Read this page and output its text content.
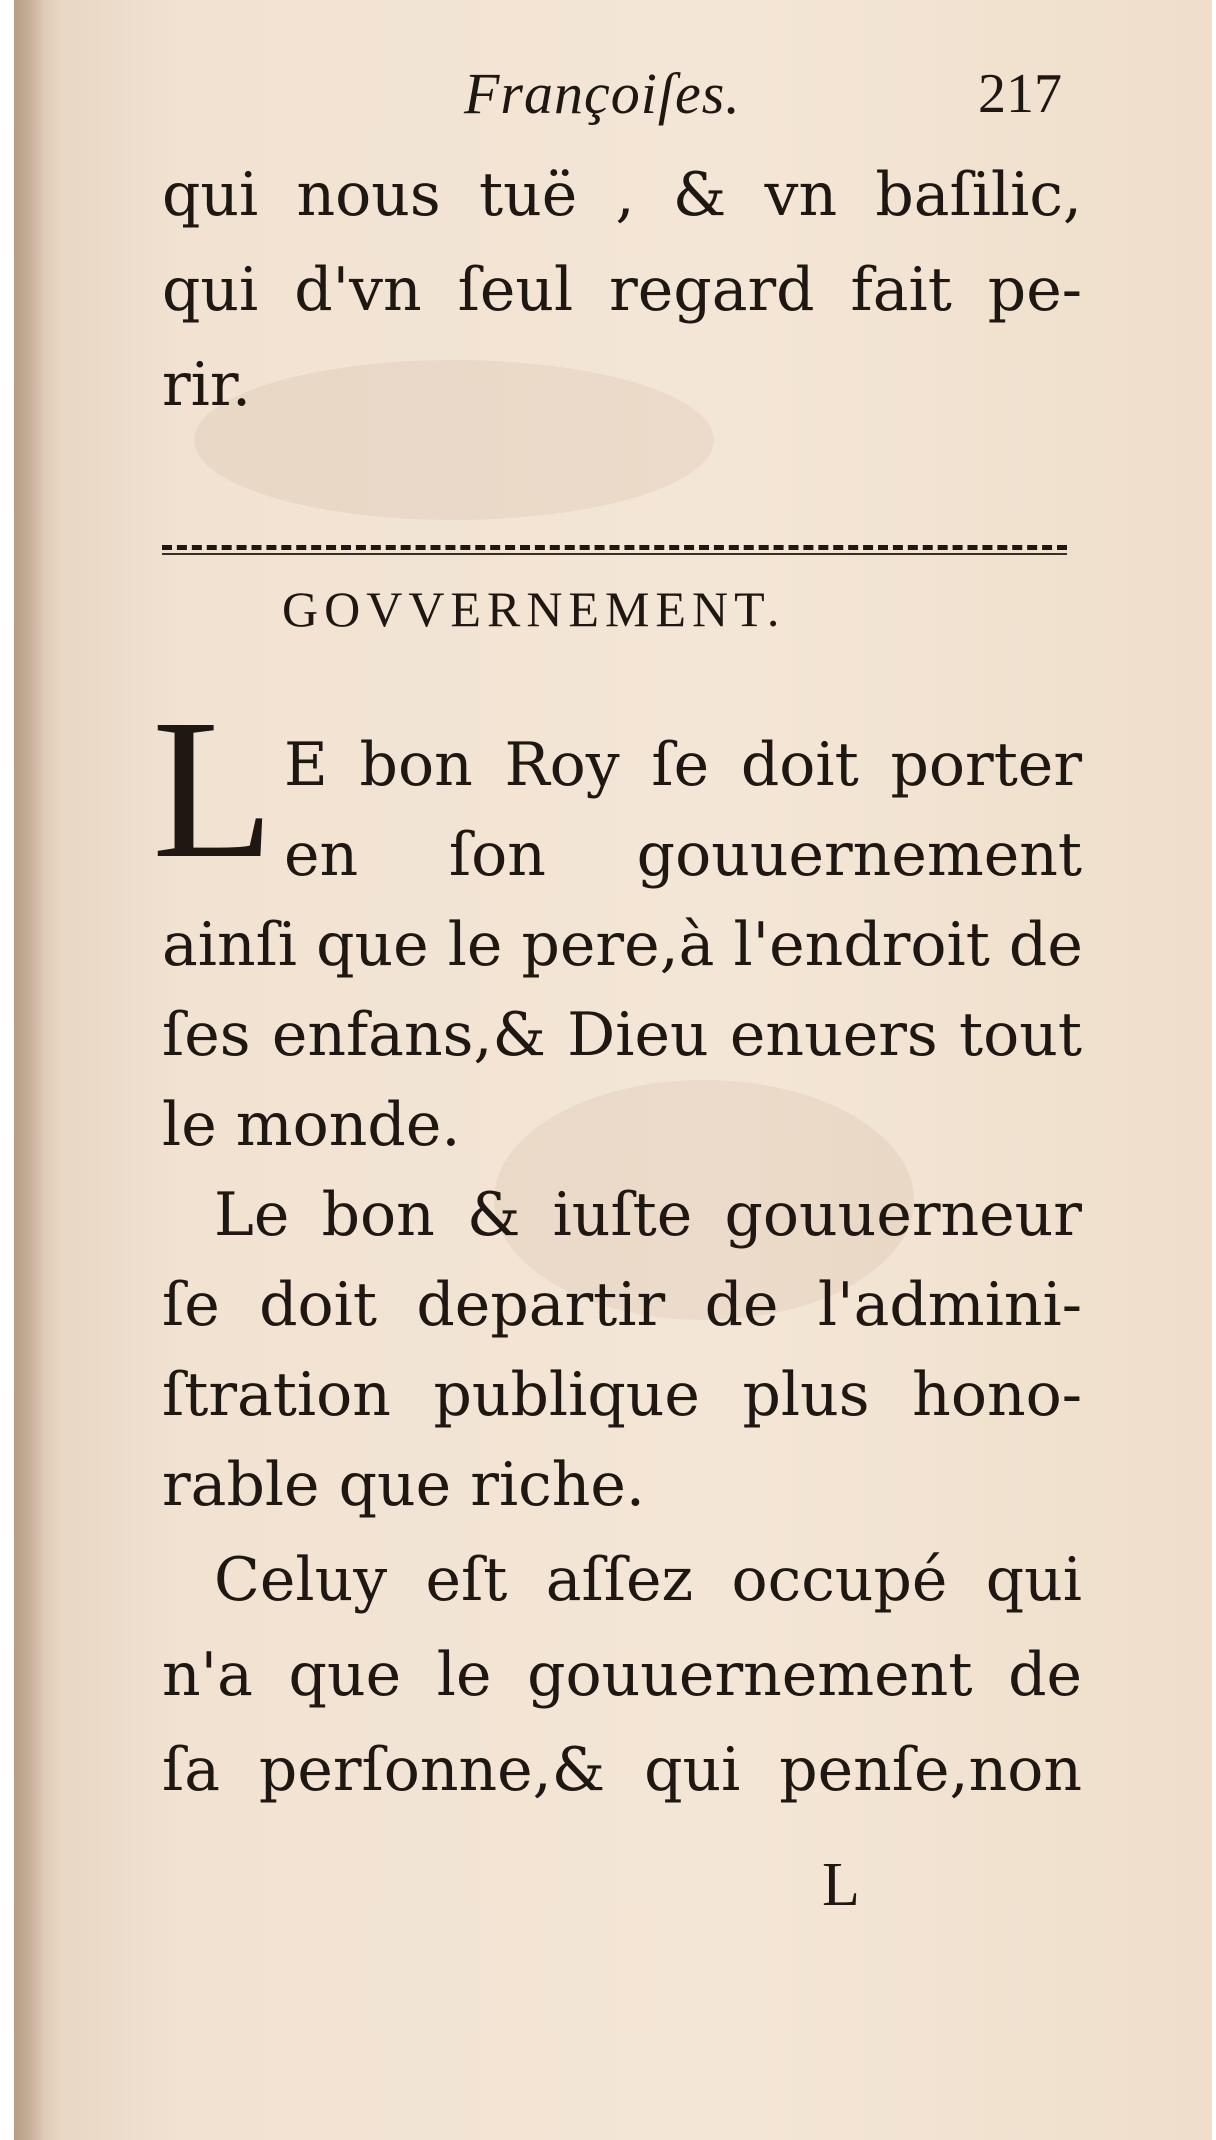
Françoiſes.	217
qui nous tuë , & vn baſilic,
qui d'vn ſeul regard fait pe-
rir.
GOVVERNEMENT.
L E bon Roy ſe doit porter
en ſon gouuernement
ainſi que le pere,à l'endroit de
ſes enfans,& Dieu enuers tout
le monde.
Le bon & iuſte gouuerneur
ſe doit departir de l'admini-
ſtration publique plus hono-
rable que riche.
Celuy eſt aſſez occupé qui
n'a que le gouuernement de
ſa perſonne,& qui penſe,non
L
